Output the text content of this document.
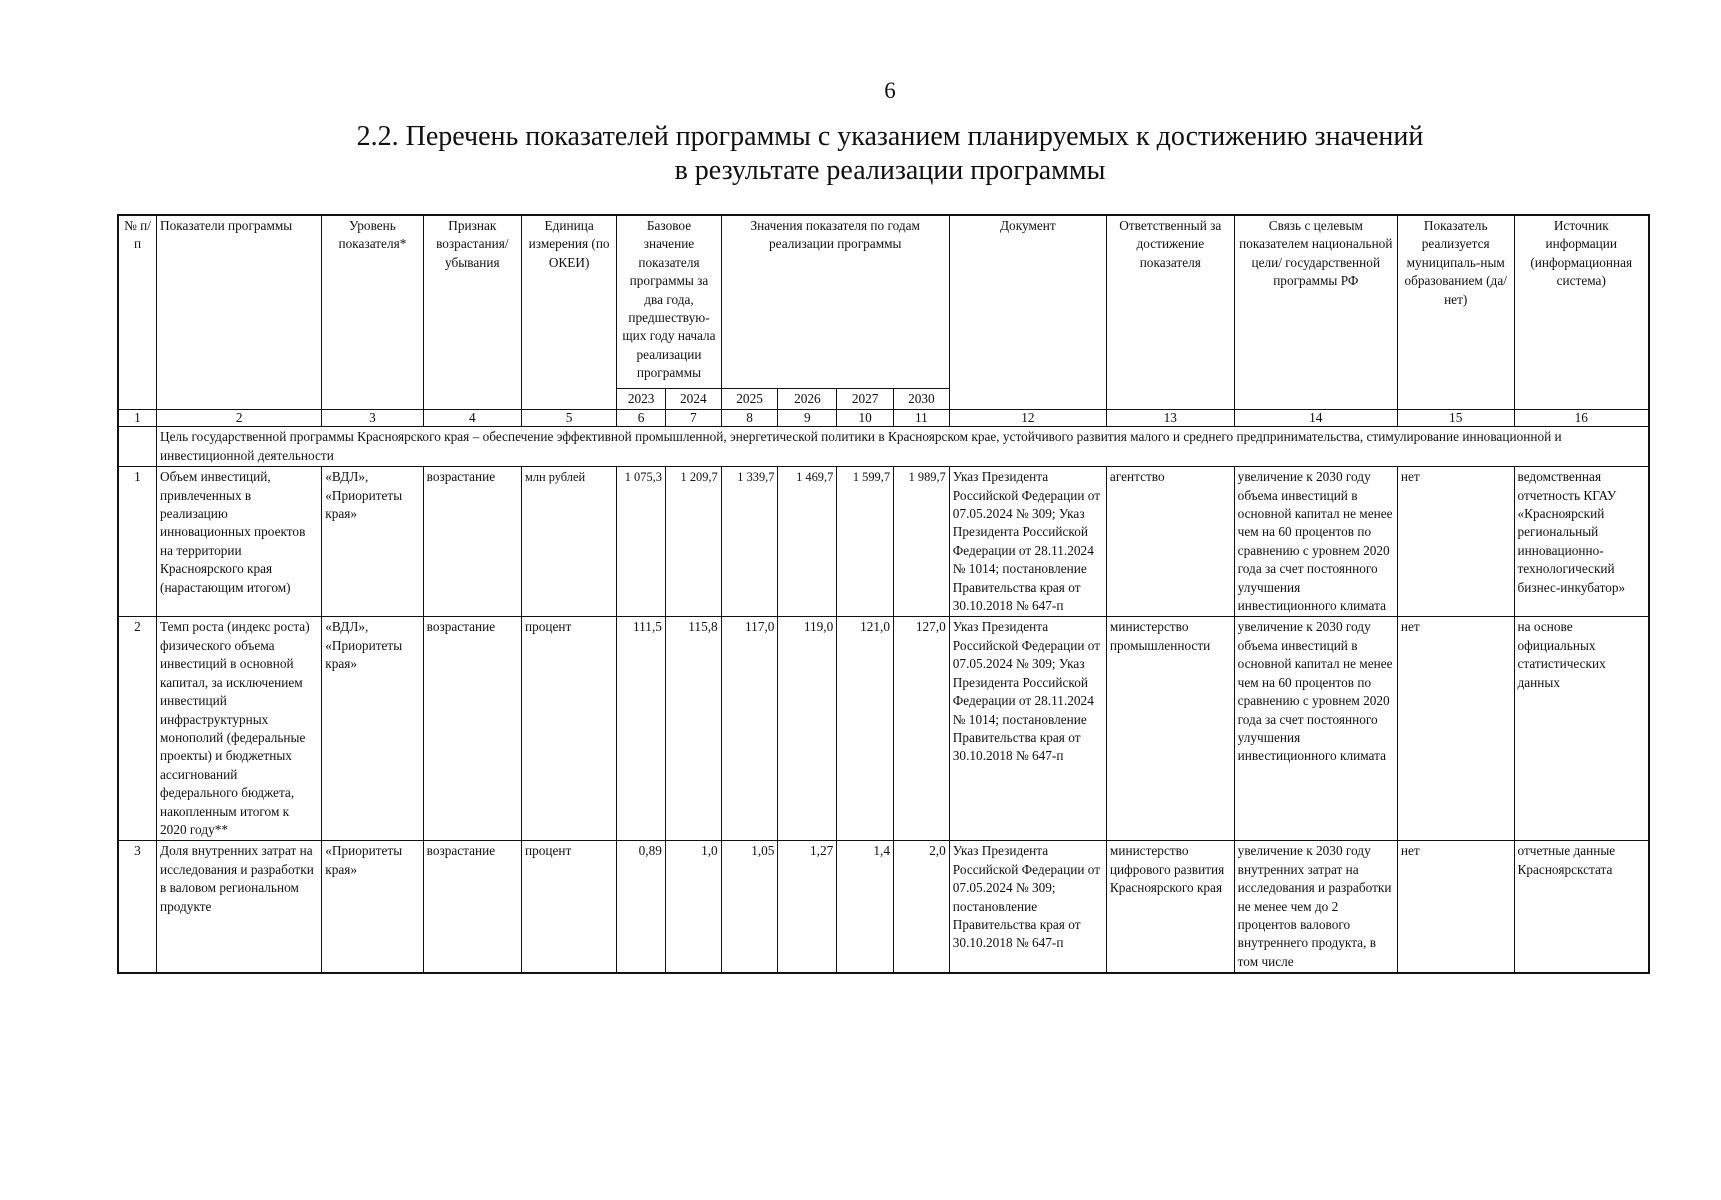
6
2.2. Перечень показателей программы с указанием планируемых к достижению значений
в результате реализации программы
№ п/п	Показатели программы	Уровень показателя*	Признак возрастания/ убывания	Единица измерения (по ОКЕИ)	Базовое значение показателя программы за два года, предшествую-щих году начала реализации программы		Значения показателя по годам реализации программы				Документ	Ответственный за достижение показателя	Связь с целевым показателем национальной цели/ государственной программы РФ	Показатель реализуется муниципаль-ным образованием (да/нет)	Источник информации (информационная система)
					2023	2024	2025	2026	2027	2030					
1	2	3	4	5	6	7	8	9	10	11	12	13	14	15	16
	Цель государственной программы Красноярского края – обеспечение эффективной промышленной, энергетической политики в Красноярском крае, устойчивого развития малого и среднего предпринимательства, стимулирование инновационной и инвестиционной деятельности														
1	Объем инвестиций, привлеченных в реализацию инновационных проектов на территории Красноярского края (нарастающим итогом)	«ВДЛ», «Приоритеты края»	возрастание	млн рублей	1 075,3	1 209,7	1 339,7	1 469,7	1 599,7	1 989,7	Указ Президента Российской Федерации от 07.05.2024 № 309; Указ Президента Российской Федерации от 28.11.2024 № 1014; постановление Правительства края от 30.10.2018 № 647-п	агентство	увеличение к 2030 году объема инвестиций в основной капитал не менее чем на 60 процентов по сравнению с уровнем 2020 года за счет постоянного улучшения инвестиционного климата	нет	ведомственная отчетность КГАУ «Красноярский региональный инновационно-технологический бизнес-инкубатор»
2	Темп роста (индекс роста) физического объема инвестиций в основной капитал, за исключением инвестиций инфраструктурных монополий (федеральные проекты) и бюджетных ассигнований федерального бюджета, накопленным итогом к 2020 году**	«ВДЛ», «Приоритеты края»	возрастание	процент	111,5	115,8	117,0	119,0	121,0	127,0	Указ Президента Российской Федерации от 07.05.2024 № 309; Указ Президента Российской Федерации от 28.11.2024 № 1014; постановление Правительства края от 30.10.2018 № 647-п	министерство промышленности	увеличение к 2030 году объема инвестиций в основной капитал не менее чем на 60 процентов по сравнению с уровнем 2020 года за счет постоянного улучшения инвестиционного климата	нет	на основе официальных статистических данных
3	Доля внутренних затрат на исследования и разработки в валовом региональном продукте	«Приоритеты края»	возрастание	процент	0,89	1,0	1,05	1,27	1,4	2,0	Указ Президента Российской Федерации от 07.05.2024 № 309; постановление Правительства края от 30.10.2018 № 647-п	министерство цифрового развития Красноярского края	увеличение к 2030 году внутренних затрат на исследования и разработки не менее чем до 2 процентов валового внутреннего продукта, в том числе	нет	отчетные данные Красноярскстата
